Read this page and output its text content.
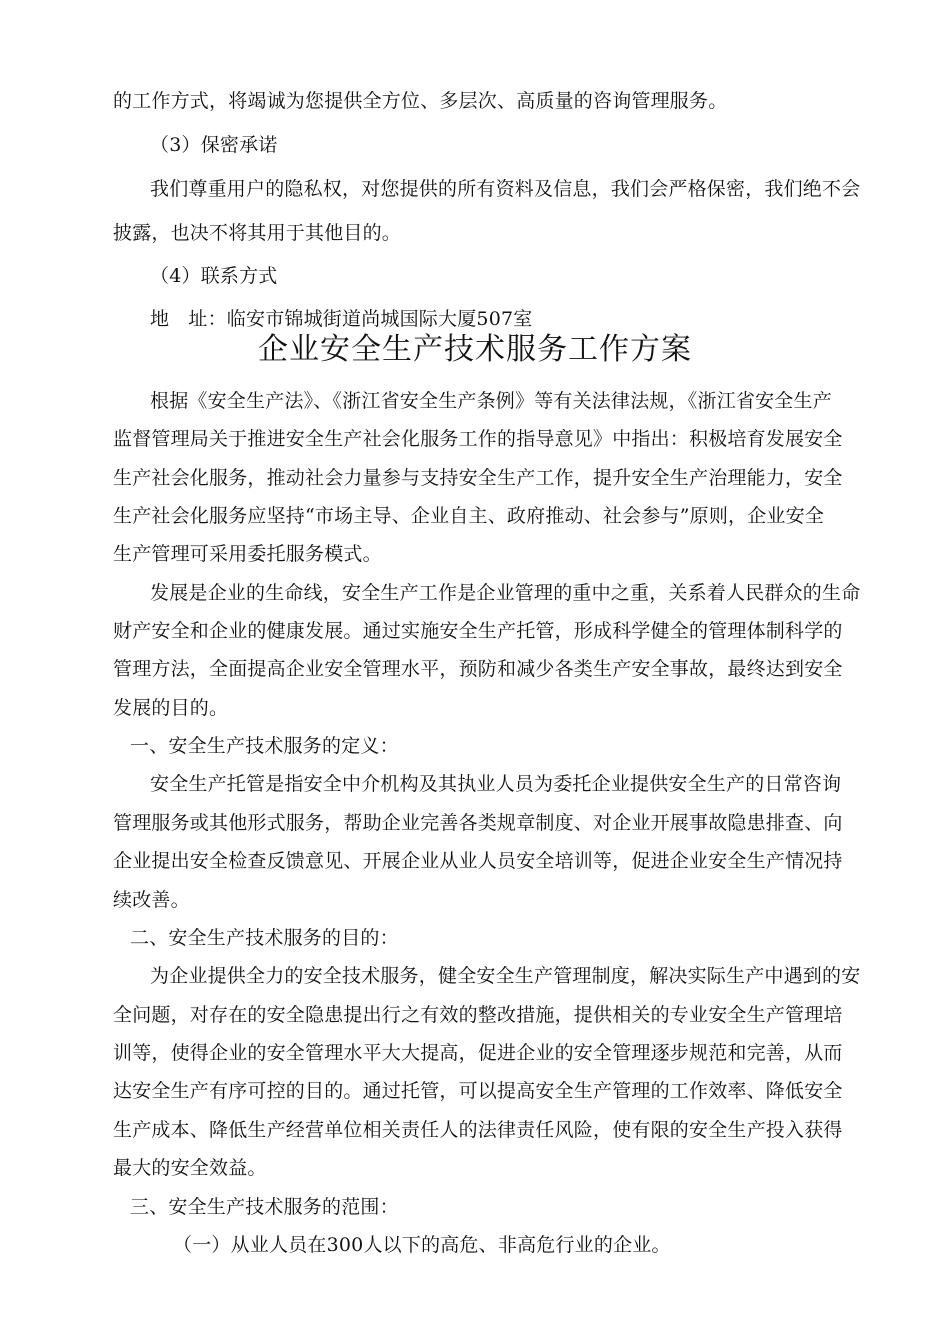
的工作方式，将竭诚为您提供全方位、多层次、高质量的咨询管理服务。
（3）保密承诺
我们尊重用户的隐私权，对您提供的所有资料及信息，我们会严格保密，我们绝不会
披露，也决不将其用于其他目的。
（4）联系方式
地　址：临安市锦城街道尚城国际大厦507室
企业安全生产技术服务工作方案
根据《安全生产法》、《浙江省安全生产条例》等有关法律法规，《浙江省安全生产
监督管理局关于推进安全生产社会化服务工作的指导意见》中指出：积极培育发展安全
生产社会化服务，推动社会力量参与支持安全生产工作，提升安全生产治理能力，安全
生产社会化服务应坚持“市场主导、企业自主、政府推动、社会参与”原则，企业安全
生产管理可采用委托服务模式。
发展是企业的生命线，安全生产工作是企业管理的重中之重，关系着人民群众的生命
财产安全和企业的健康发展。通过实施安全生产托管，形成科学健全的管理体制科学的
管理方法，全面提高企业安全管理水平，预防和减少各类生产安全事故，最终达到安全
发展的目的。
一、安全生产技术服务的定义：
安全生产托管是指安全中介机构及其执业人员为委托企业提供安全生产的日常咨询
管理服务或其他形式服务，帮助企业完善各类规章制度、对企业开展事故隐患排查、向
企业提出安全检查反馈意见、开展企业从业人员安全培训等，促进企业安全生产情况持
续改善。
二、安全生产技术服务的目的：
为企业提供全力的安全技术服务，健全安全生产管理制度，解决实际生产中遇到的安
全问题，对存在的安全隐患提出行之有效的整改措施，提供相关的专业安全生产管理培
训等，使得企业的安全管理水平大大提高，促进企业的安全管理逐步规范和完善，从而
达安全生产有序可控的目的。通过托管，可以提高安全生产管理的工作效率、降低安全
生产成本、降低生产经营单位相关责任人的法律责任风险，使有限的安全生产投入获得
最大的安全效益。
三、安全生产技术服务的范围：
（一）从业人员在300人以下的高危、非高危行业的企业。
